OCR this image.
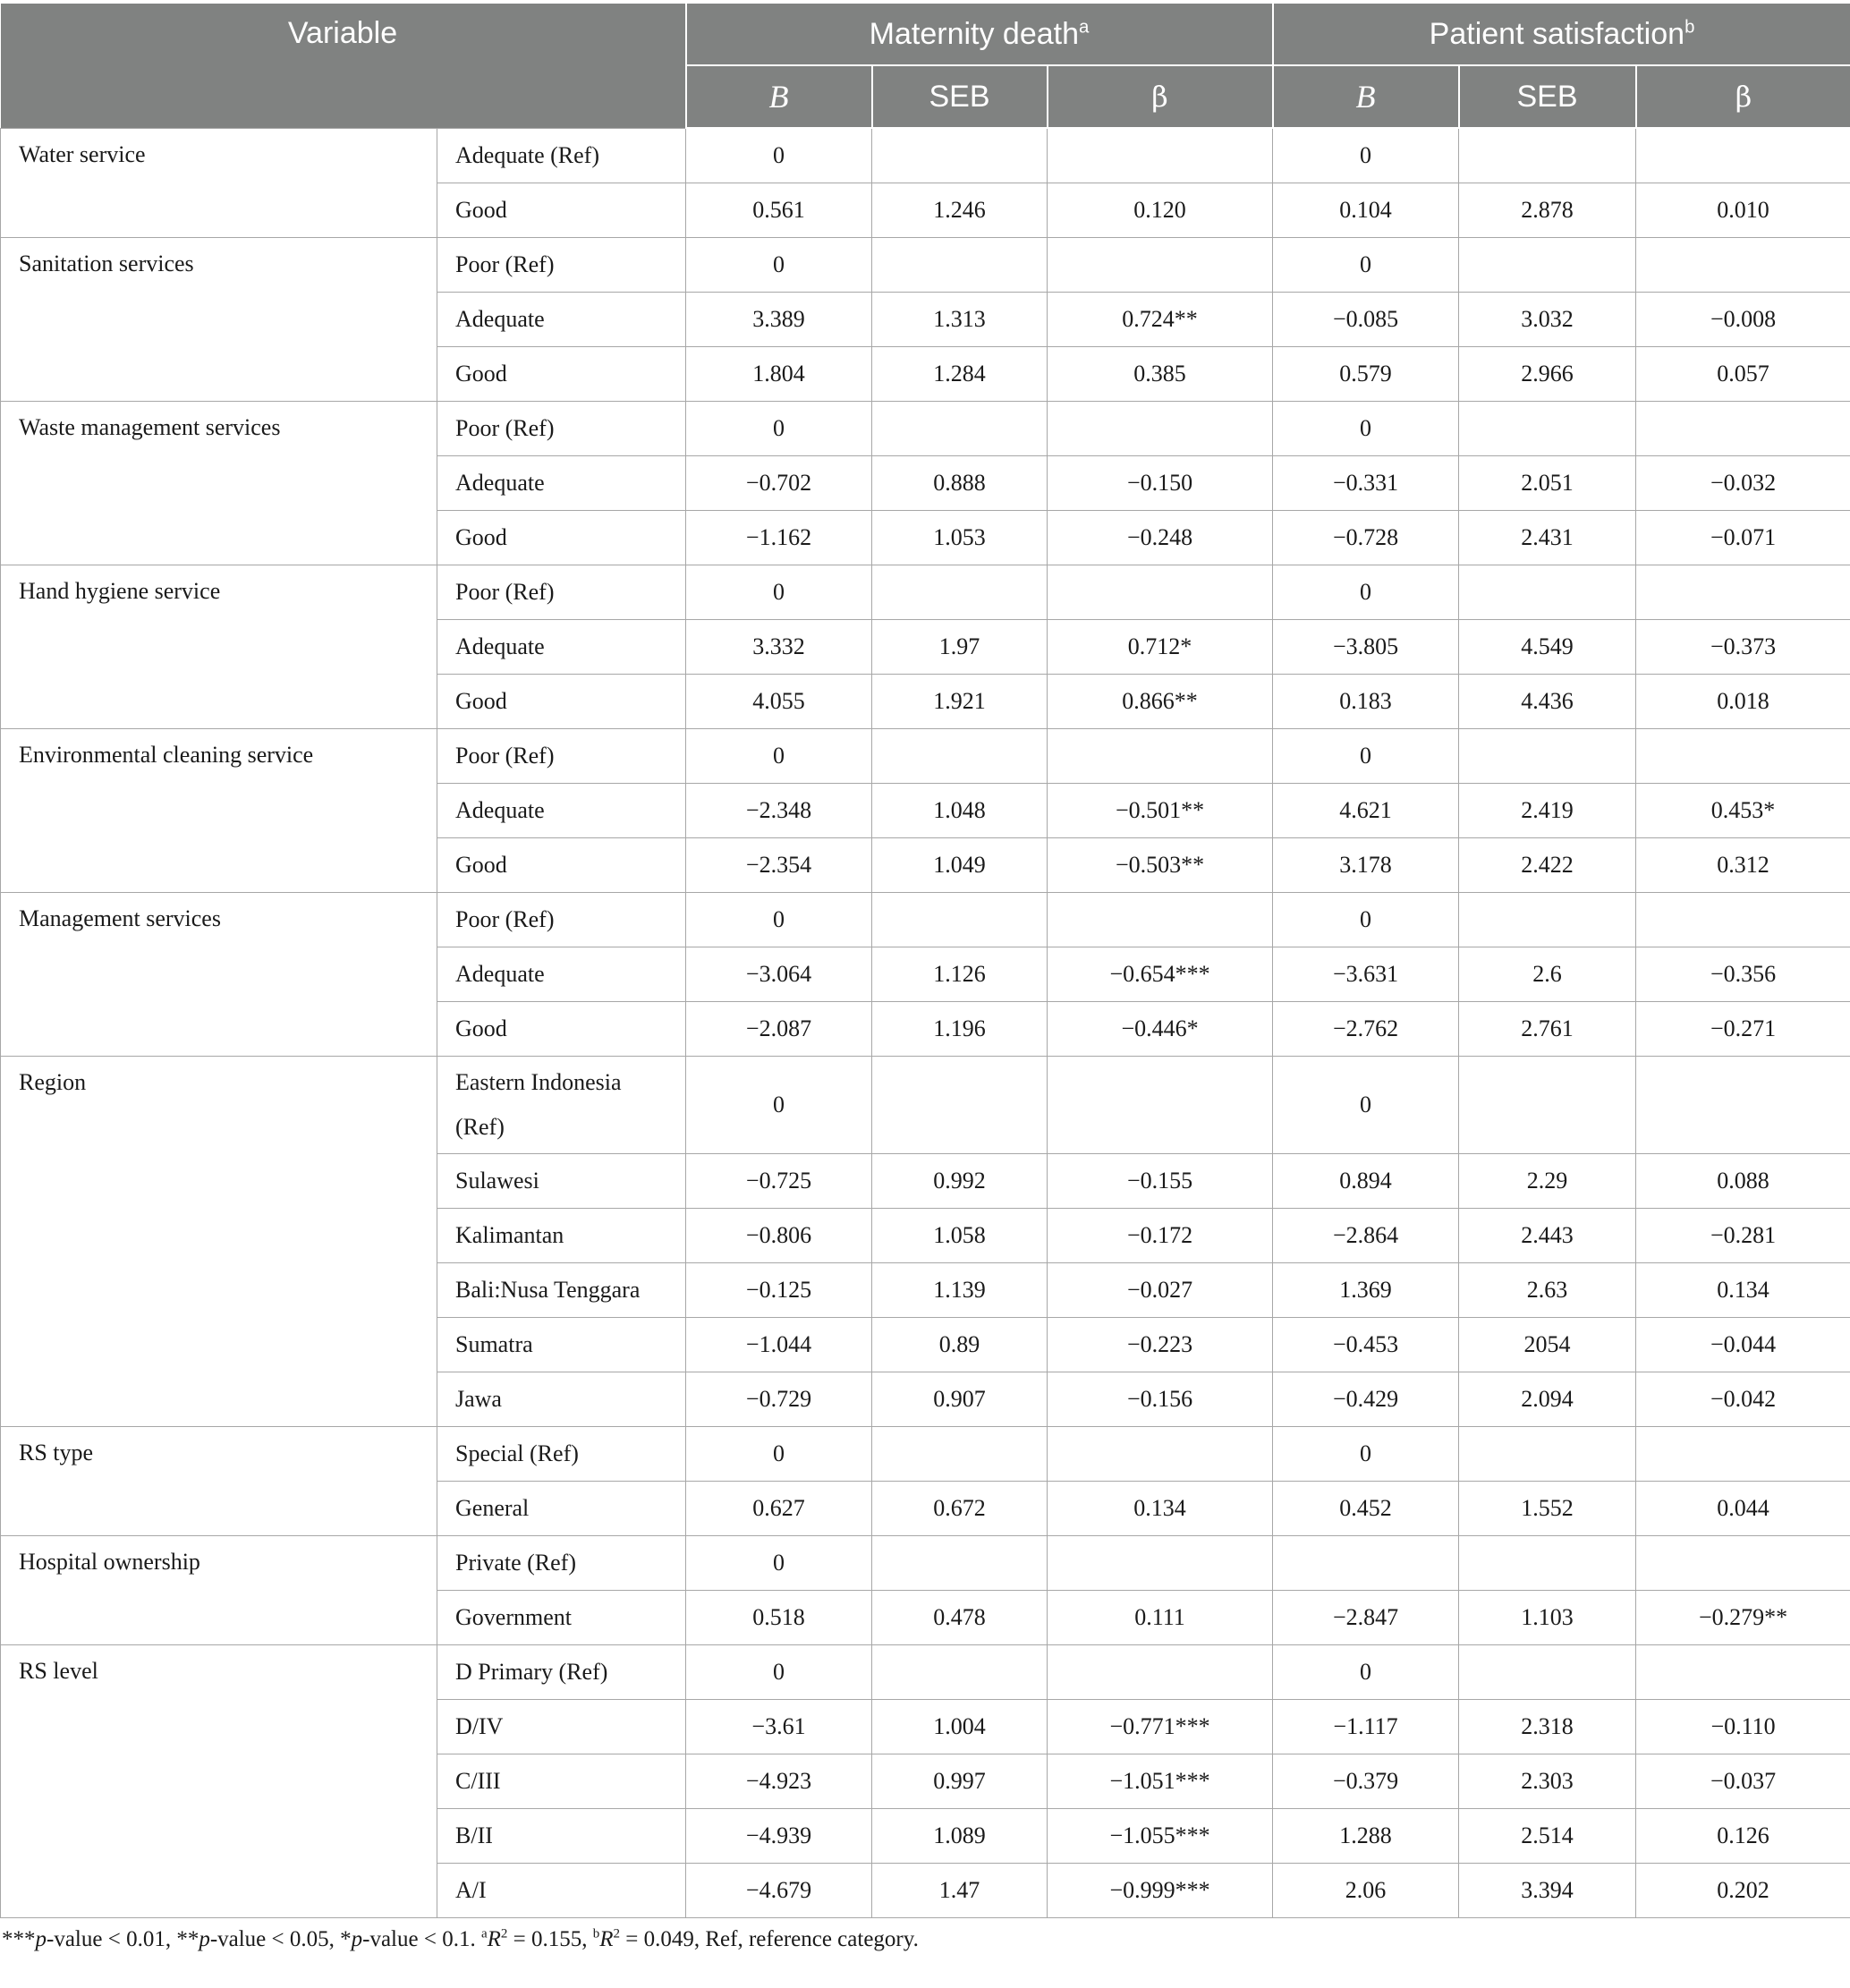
Variable		Maternity death$^a$			Patient satisfaction$^b$
		B	SEB	β	B	SEB	β
Water service	Adequate (Ref)	0			0		
	Good	0.561	1.246	0.120	0.104	2.878	0.010
Sanitation services	Poor (Ref)	0			0		
	Adequate	3.389	1.313	0.724**	−0.085	3.032	−0.008
	Good	1.804	1.284	0.385	0.579	2.966	0.057
Waste management services	Poor (Ref)	0			0		
	Adequate	−0.702	0.888	−0.150	−0.331	2.051	−0.032
	Good	−1.162	1.053	−0.248	−0.728	2.431	−0.071
Hand hygiene service	Poor (Ref)	0			0		
	Adequate	3.332	1.97	0.712*	−3.805	4.549	−0.373
	Good	4.055	1.921	0.866**	0.183	4.436	0.018
Environmental cleaning service	Poor (Ref)	0			0		
	Adequate	−2.348	1.048	−0.501**	4.621	2.419	0.453*
	Good	−2.354	1.049	−0.503**	3.178	2.422	0.312
Management services	Poor (Ref)	0			0		
	Adequate	−3.064	1.126	−0.654***	−3.631	2.6	−0.356
	Good	−2.087	1.196	−0.446*	−2.762	2.761	−0.271
Region	Eastern Indonesia (Ref)	0			0		
	Sulawesi	−0.725	0.992	−0.155	0.894	2.29	0.088
	Kalimantan	−0.806	1.058	−0.172	−2.864	2.443	−0.281
	Bali:Nusa Tenggara	−0.125	1.139	−0.027	1.369	2.63	0.134
	Sumatra	−1.044	0.89	−0.223	−0.453	2054	−0.044
	Jawa	−0.729	0.907	−0.156	−0.429	2.094	−0.042
RS type	Special (Ref)	0			0		
	General	0.627	0.672	0.134	0.452	1.552	0.044
Hospital ownership	Private (Ref)	0					
	Government	0.518	0.478	0.111	−2.847	1.103	−0.279**
RS level	D Primary (Ref)	0			0		
	D/IV	−3.61	1.004	−0.771***	−1.117	2.318	−0.110
	C/III	−4.923	0.997	−1.051***	−0.379	2.303	−0.037
	B/II	−4.939	1.089	−1.055***	1.288	2.514	0.126
	A/I	−4.679	1.47	−0.999***	2.06	3.394	0.202
***p-value < 0.01, **p-value < 0.05, *p-value < 0.1. $^aR^2 = 0.155$, $^bR^2 = 0.049$, Ref, reference category.
